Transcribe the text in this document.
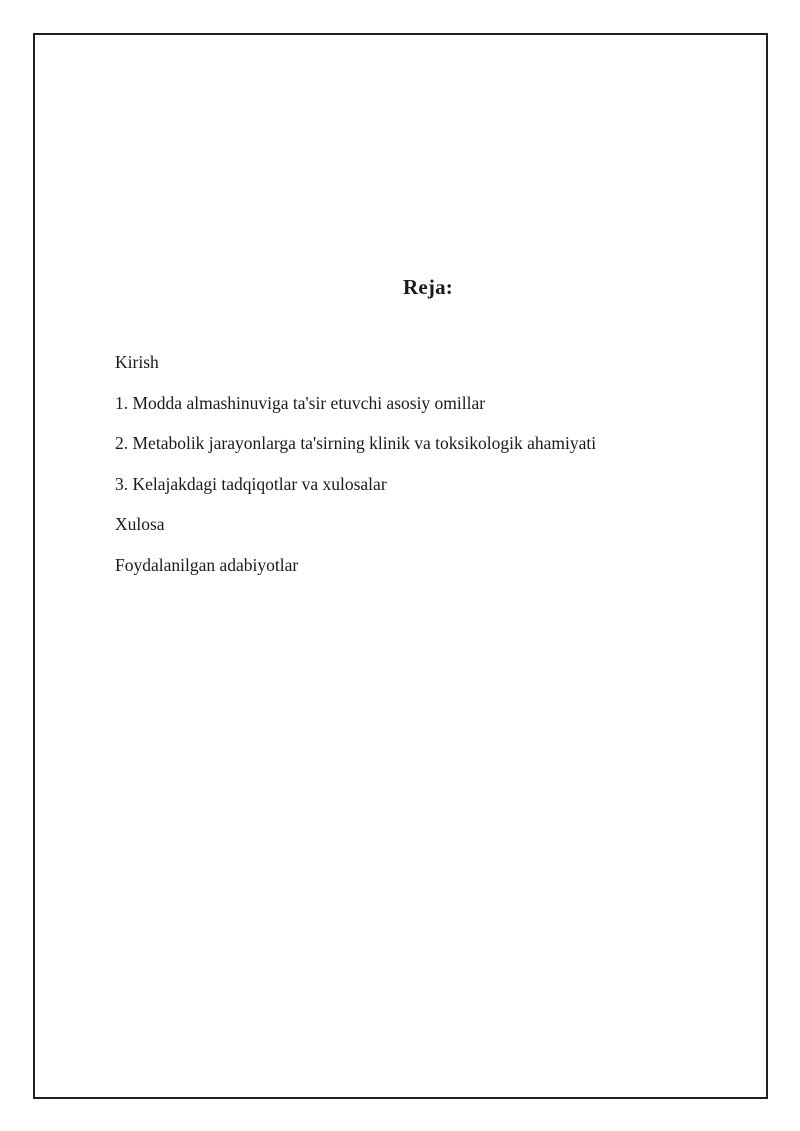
Reja:
Kirish
1. Modda almashinuviga ta'sir etuvchi asosiy omillar
2. Metabolik jarayonlarga ta'sirning klinik va toksikologik ahamiyati
3. Kelajakdagi tadqiqotlar va xulosalar
Xulosa
Foydalanilgan adabiyotlar
